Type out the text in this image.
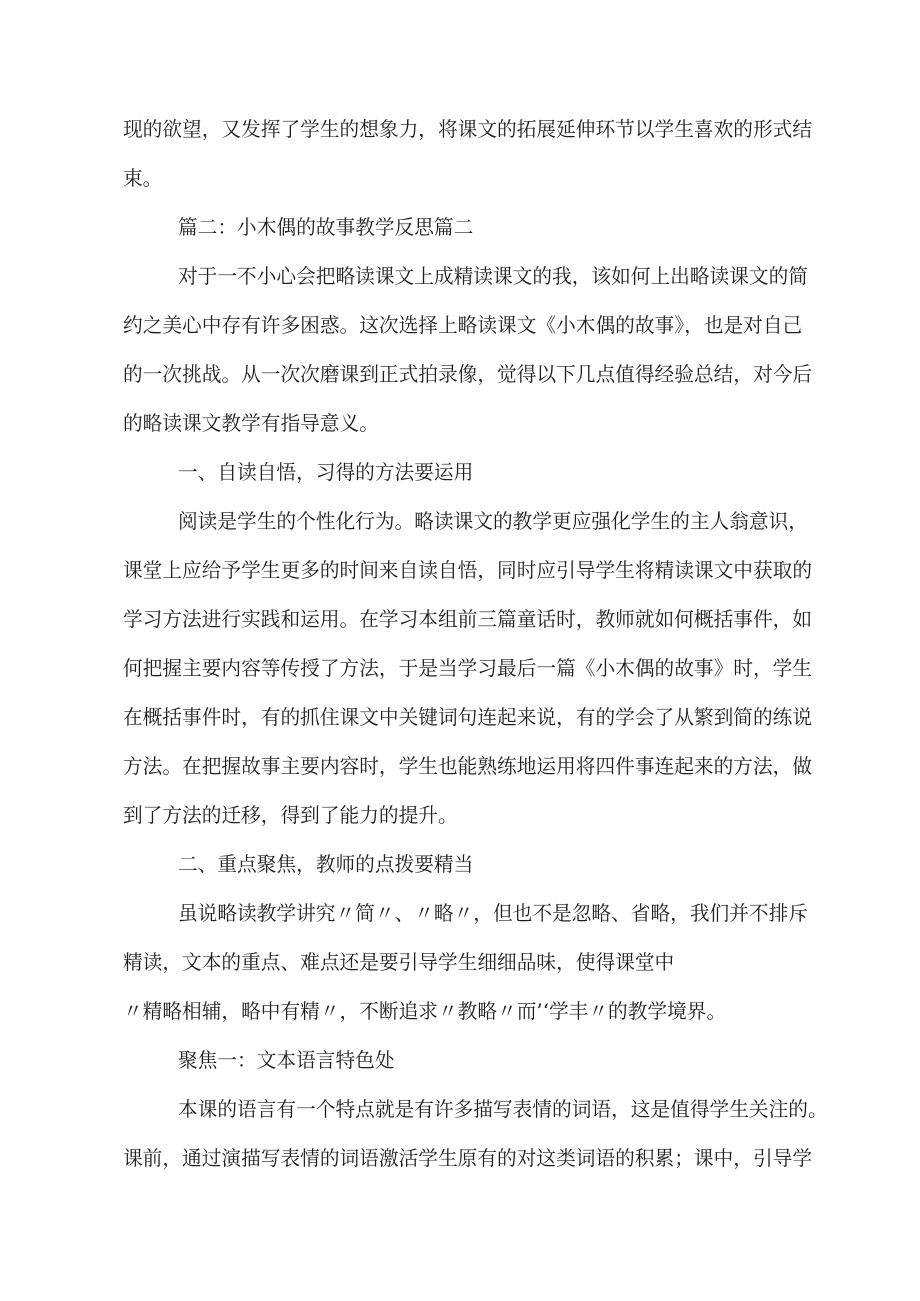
现的欲望，又发挥了学生的想象力，将课文的拓展延伸环节以学生喜欢的形式结
束。
篇二：小木偶的故事教学反思篇二
对于一不小心会把略读课文上成精读课文的我，该如何上出略读课文的简
约之美心中存有许多困惑。这次选择上略读课文《小木偶的故事》，也是对自己
的一次挑战。从一次次磨课到正式拍录像，觉得以下几点值得经验总结，对今后
的略读课文教学有指导意义。
一、自读自悟，习得的方法要运用
阅读是学生的个性化行为。略读课文的教学更应强化学生的主人翁意识，
课堂上应给予学生更多的时间来自读自悟，同时应引导学生将精读课文中获取的
学习方法进行实践和运用。在学习本组前三篇童话时，教师就如何概括事件，如
何把握主要内容等传授了方法，于是当学习最后一篇《小木偶的故事》时，学生
在概括事件时，有的抓住课文中关键词句连起来说，有的学会了从繁到简的练说
方法。在把握故事主要内容时，学生也能熟练地运用将四件事连起来的方法，做
到了方法的迁移，得到了能力的提升。
二、重点聚焦，教师的点拨要精当
虽说略读教学讲究〃简〃、〃略〃，但也不是忽略、省略，我们并不排斥
精读，文本的重点、难点还是要引导学生细细品味，使得课堂中
〃精略相辅，略中有精〃，不断追求〃教略〃而’‘学丰〃的教学境界。
聚焦一：文本语言特色处
本课的语言有一个特点就是有许多描写表情的词语，这是值得学生关注的。
课前，通过演描写表情的词语激活学生原有的对这类词语的积累；课中，引导学
